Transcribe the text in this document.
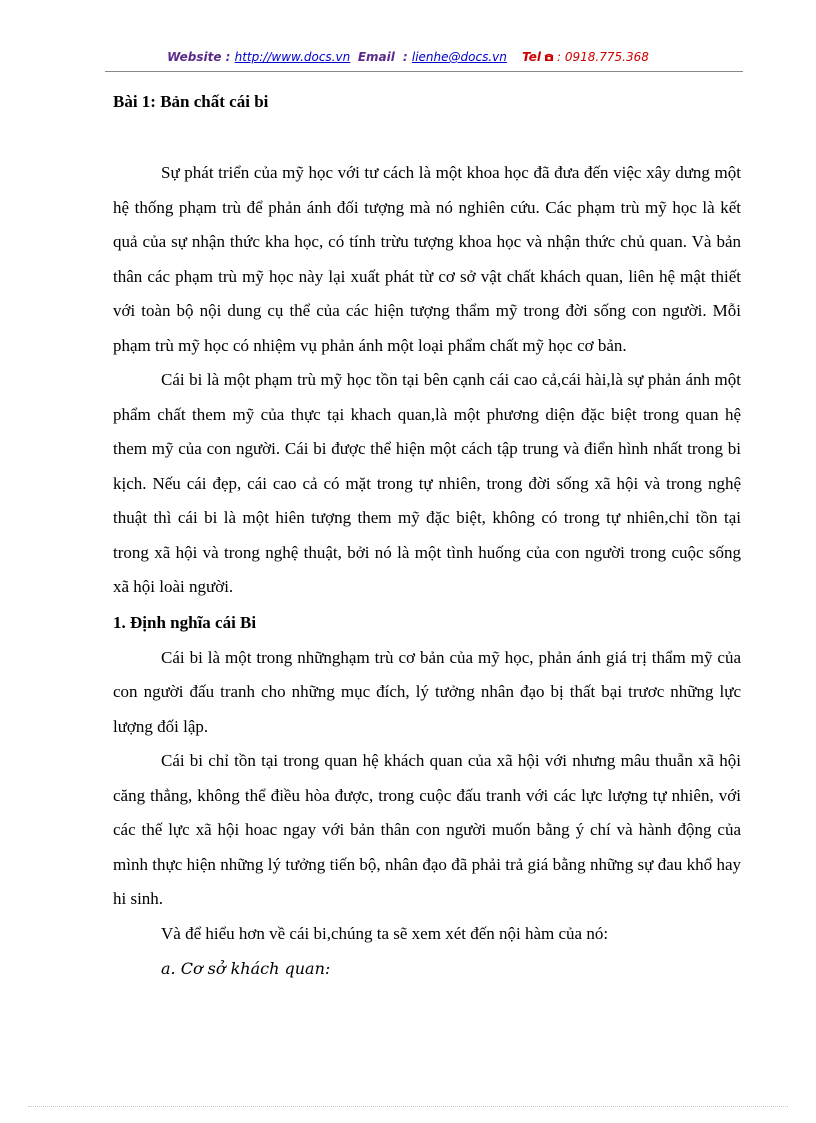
Website : http://www.docs.vn Email  : lienhe@docs.vn Tel : 0918.775.368

Bài 1: Bản chất cái bi

Sự phát triển của mỹ học với tư cách là một khoa học đã đưa đến việc xây dưng một hệ thống phạm trù để phản ánh đối tượng mà nó nghiên cứu. Các phạm trù mỹ học là kết quả của sự nhận thức kha học, có tính trừu tượng khoa học và nhận thức chủ quan. Và bản thân các phạm trù mỹ học này lại xuất phát từ cơ sở vật chất khách quan, liên hệ mật thiết với toàn bộ nội dung cụ thể của các hiện tượng thẩm mỹ trong đời sống con người. Mỗi phạm trù mỹ học có nhiệm vụ phản ánh một loại phẩm chất mỹ học cơ bản.

Cái bi là một phạm trù mỹ học tồn tại bên cạnh cái cao cả,cái hài,là sự phản ánh một phẩm chất them mỹ của thực tại khach quan,là một phương diện đặc biệt trong quan hệ them mỹ của con người. Cái bi được thể hiện một cách tập trung và điển hình nhất trong bi kịch. Nếu cái đẹp, cái cao cả có mặt trong tự nhiên, trong đời sống xã hội và trong nghệ thuật thì cái bi là một hiên tượng them mỹ đặc biệt, không có trong tự nhiên,chỉ tồn tại trong xã hội và trong nghệ thuật, bởi nó là một tình huống của con người trong cuộc sống xã hội loài người.

1. Định nghĩa cái Bi

Cái bi là một trong nhữnghạm trù cơ bản của mỹ học, phản ánh giá trị thẩm mỹ của con người đấu tranh cho những mục đích, lý tưởng nhân đạo bị thất bại trươc những lực lượng đối lập.

Cái bi chỉ tồn tại trong quan hệ khách quan của xã hội với nhưng mâu thuẫn xã hội căng thẳng, không thể điều hòa được, trong cuộc đấu tranh với các lực lượng tự nhiên, với các thế lực xã hội hoac ngay với bản thân con người muốn bằng ý chí và hành động của mình thực hiện những lý tưởng tiến bộ, nhân đạo đã phải trả giá bằng những sự đau khổ hay hi sinh.

Và để hiểu hơn về cái bi,chúng ta sẽ xem xét đến nội hàm của nó:

a. Cơ sở khách quan:
